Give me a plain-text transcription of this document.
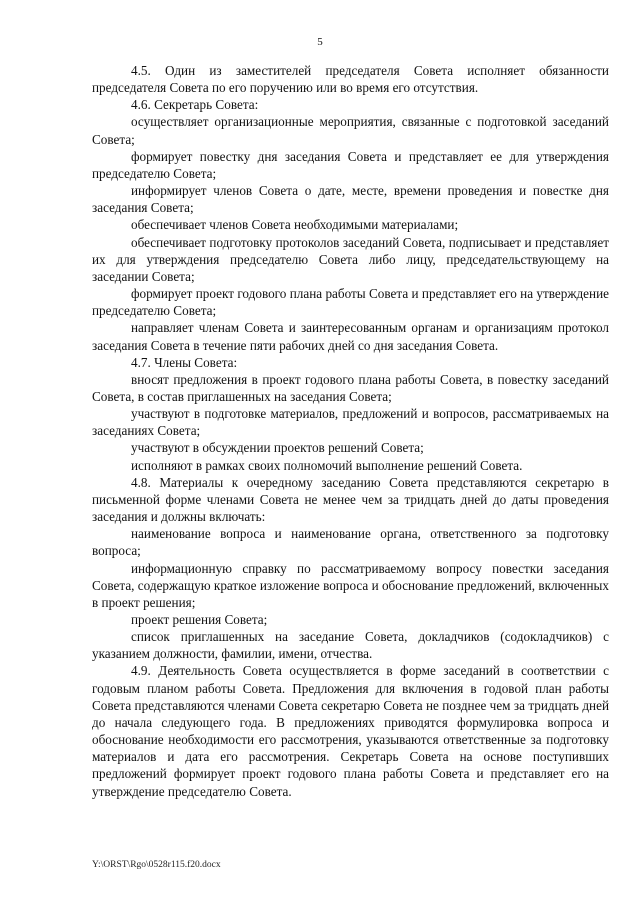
5

4.5. Один из заместителей председателя Совета исполняет обязанности председателя Совета по его поручению или во время его отсутствия.

4.6. Секретарь Совета:

осуществляет организационные мероприятия, связанные с подготовкой заседаний Совета;

формирует повестку дня заседания Совета и представляет ее для утверждения председателю Совета;

информирует членов Совета о дате, месте, времени проведения и повестке дня заседания Совета;

обеспечивает членов Совета необходимыми материалами;

обеспечивает подготовку протоколов заседаний Совета, подписывает и представляет их для утверждения председателю Совета либо лицу, председательствующему на заседании Совета;

формирует проект годового плана работы Совета и представляет его на утверждение председателю Совета;

направляет членам Совета и заинтересованным органам и организациям протокол заседания Совета в течение пяти рабочих дней со дня заседания Совета.

4.7. Члены Совета:

вносят предложения в проект годового плана работы Совета, в повестку заседаний Совета, в состав приглашенных на заседания Совета;

участвуют в подготовке материалов, предложений и вопросов, рассматриваемых на заседаниях Совета;

участвуют в обсуждении проектов решений Совета;

исполняют в рамках своих полномочий выполнение решений Совета.

4.8. Материалы к очередному заседанию Совета представляются секретарю в письменной форме членами Совета не менее чем за тридцать дней до даты проведения заседания и должны включать:

наименование вопроса и наименование органа, ответственного за подготовку вопроса;

информационную справку по рассматриваемому вопросу повестки заседания Совета, содержащую краткое изложение вопроса и обоснование предложений, включенных в проект решения;

проект решения Совета;

список приглашенных на заседание Совета, докладчиков (содокладчиков) с указанием должности, фамилии, имени, отчества.

4.9. Деятельность Совета осуществляется в форме заседаний в соответствии с годовым планом работы Совета. Предложения для включения в годовой план работы Совета представляются членами Совета секретарю Совета не позднее чем за тридцать дней до начала следующего года. В предложениях приводятся формулировка вопроса и обоснование необходимости его рассмотрения, указываются ответственные за подготовку материалов и дата его рассмотрения. Секретарь Совета на основе поступивших предложений формирует проект годового плана работы Совета и представляет его на утверждение председателю Совета.

Y:\ORST\Rgo\0528r115.f20.docx
